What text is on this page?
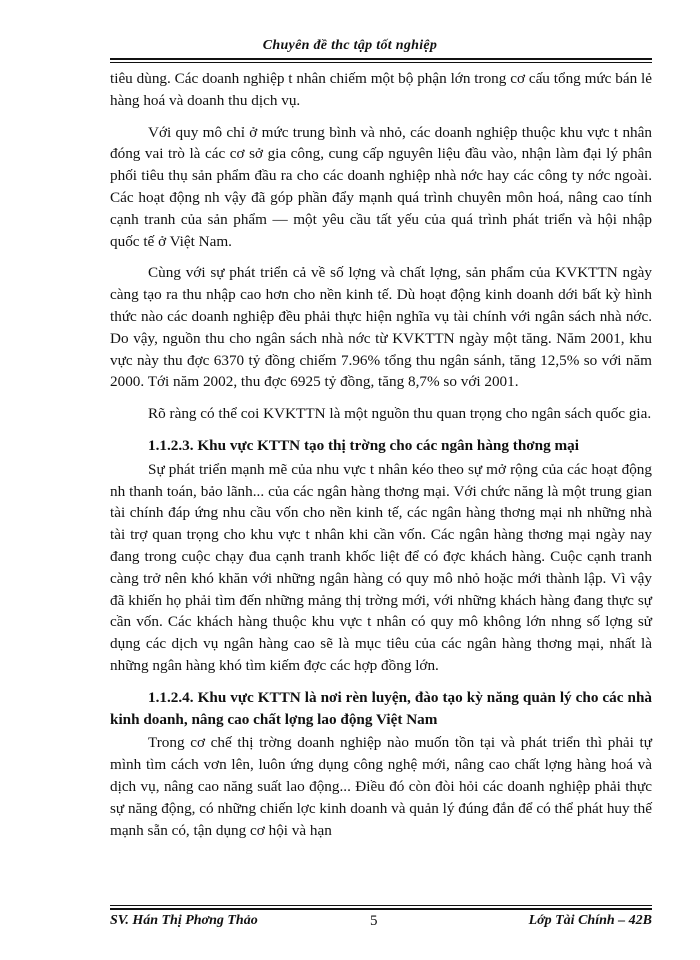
Chuyên đề thc tập tốt nghiệp

tiêu dùng. Các doanh nghiệp t nhân chiếm một bộ phận lớn trong cơ cấu tổng mức bán lẻ hàng hoá và doanh thu dịch vụ.

Với quy mô chỉ ở mức trung bình và nhỏ, các doanh nghiệp thuộc khu vực t nhân đóng vai trò là các cơ sở gia công, cung cấp nguyên liệu đầu vào, nhận làm đại lý phân phối tiêu thụ sản phẩm đầu ra cho các doanh nghiệp nhà nớc hay các công ty nớc ngoài. Các hoạt động nh vậy đã góp phần đẩy mạnh quá trình chuyên môn hoá, nâng cao tính cạnh tranh của sản phẩm — một yêu cầu tất yếu của quá trình phát triển và hội nhập quốc tế ở Việt Nam.

Cùng với sự phát triển cả về số lợng và chất lợng, sản phẩm của KVKTTN ngày càng tạo ra thu nhập cao hơn cho nền kinh tế. Dù hoạt động kinh doanh dới bất kỳ hình thức nào các doanh nghiệp đều phải thực hiện nghĩa vụ tài chính với ngân sách nhà nớc. Do vậy, nguồn thu cho ngân sách nhà nớc từ KVKTTN ngày một tăng. Năm 2001, khu vực này thu đợc 6370 tỷ đồng chiếm 7.96% tổng thu ngân sánh, tăng 12,5% so với năm 2000. Tới năm 2002, thu đợc 6925 tỷ đồng, tăng 8,7% so với 2001.

Rõ ràng có thể coi KVKTTN là một nguồn thu quan trọng cho ngân sách quốc gia.

1.1.2.3. Khu vực KTTN tạo thị trờng cho các ngân hàng thơng mại

Sự phát triển mạnh mẽ của nhu vực t nhân kéo theo sự mở rộng của các hoạt động nh thanh toán, bảo lãnh... của các ngân hàng thơng mại. Với chức năng là một trung gian tài chính đáp ứng nhu cầu vốn cho nền kinh tế, các ngân hàng thơng mại nh những nhà tài trợ quan trọng cho khu vực t nhân khi cần vốn. Các ngân hàng thơng mại ngày nay đang trong cuộc chạy đua cạnh tranh khốc liệt để có đợc khách hàng. Cuộc cạnh tranh càng trở nên khó khăn với những ngân hàng có quy mô nhỏ hoặc mới thành lập. Vì vậy đã khiến họ phải tìm đến những mảng thị trờng mới, với những khách hàng đang thực sự cần vốn. Các khách hàng thuộc khu vực t nhân có quy mô không lớn nhng số lợng sử dụng các dịch vụ ngân hàng cao sẽ là mục tiêu của các ngân hàng thơng mại, nhất là những ngân hàng khó tìm kiếm đợc các hợp đồng lớn.

1.1.2.4. Khu vực KTTN là nơi rèn luyện, đào tạo kỳ năng quản lý cho các nhà kinh doanh, nâng cao chất lợng lao động Việt Nam

Trong cơ chế thị trờng doanh nghiệp nào muốn tồn tại và phát triển thì phải tự mình tìm cách vơn lên, luôn ứng dụng công nghệ mới, nâng cao chất lợng hàng hoá và dịch vụ, nâng cao năng suất lao động... Điều đó còn đòi hỏi các doanh nghiệp phải thực sự năng động, có những chiến lợc kinh doanh và quản lý đúng đắn để có thể phát huy thế mạnh sẵn có, tận dụng cơ hội và hạn

SV. Hán Thị Phơng Thảo	5	Lớp Tài Chính – 42B
